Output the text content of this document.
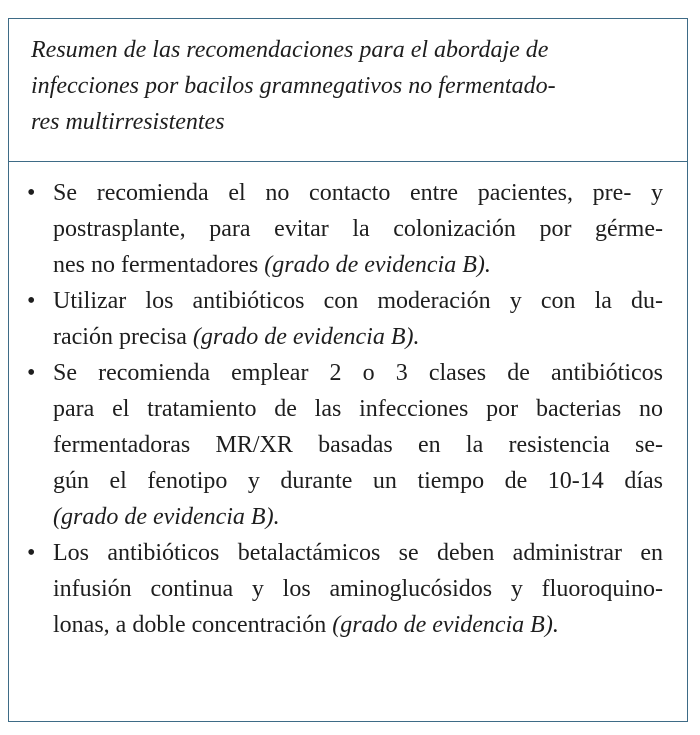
Resumen de las recomendaciones para el abordaje de
infecciones por bacilos gramnegativos no fermentado-
res multirresistentes
• Se recomienda el no contacto entre pacientes, pre- y
postrasplante, para evitar la colonización por gérme-
nes no fermentadores (grado de evidencia B).
• Utilizar los antibióticos con moderación y con la du-
ración precisa (grado de evidencia B).
• Se recomienda emplear 2 o 3 clases de antibióticos
para el tratamiento de las infecciones por bacterias no
fermentadoras MR/XR basadas en la resistencia se-
gún el fenotipo y durante un tiempo de 10-14 días
(grado de evidencia B).
• Los antibióticos betalactámicos se deben administrar en
infusión continua y los aminoglucósidos y fluoroquino-
lonas, a doble concentración (grado de evidencia B).
